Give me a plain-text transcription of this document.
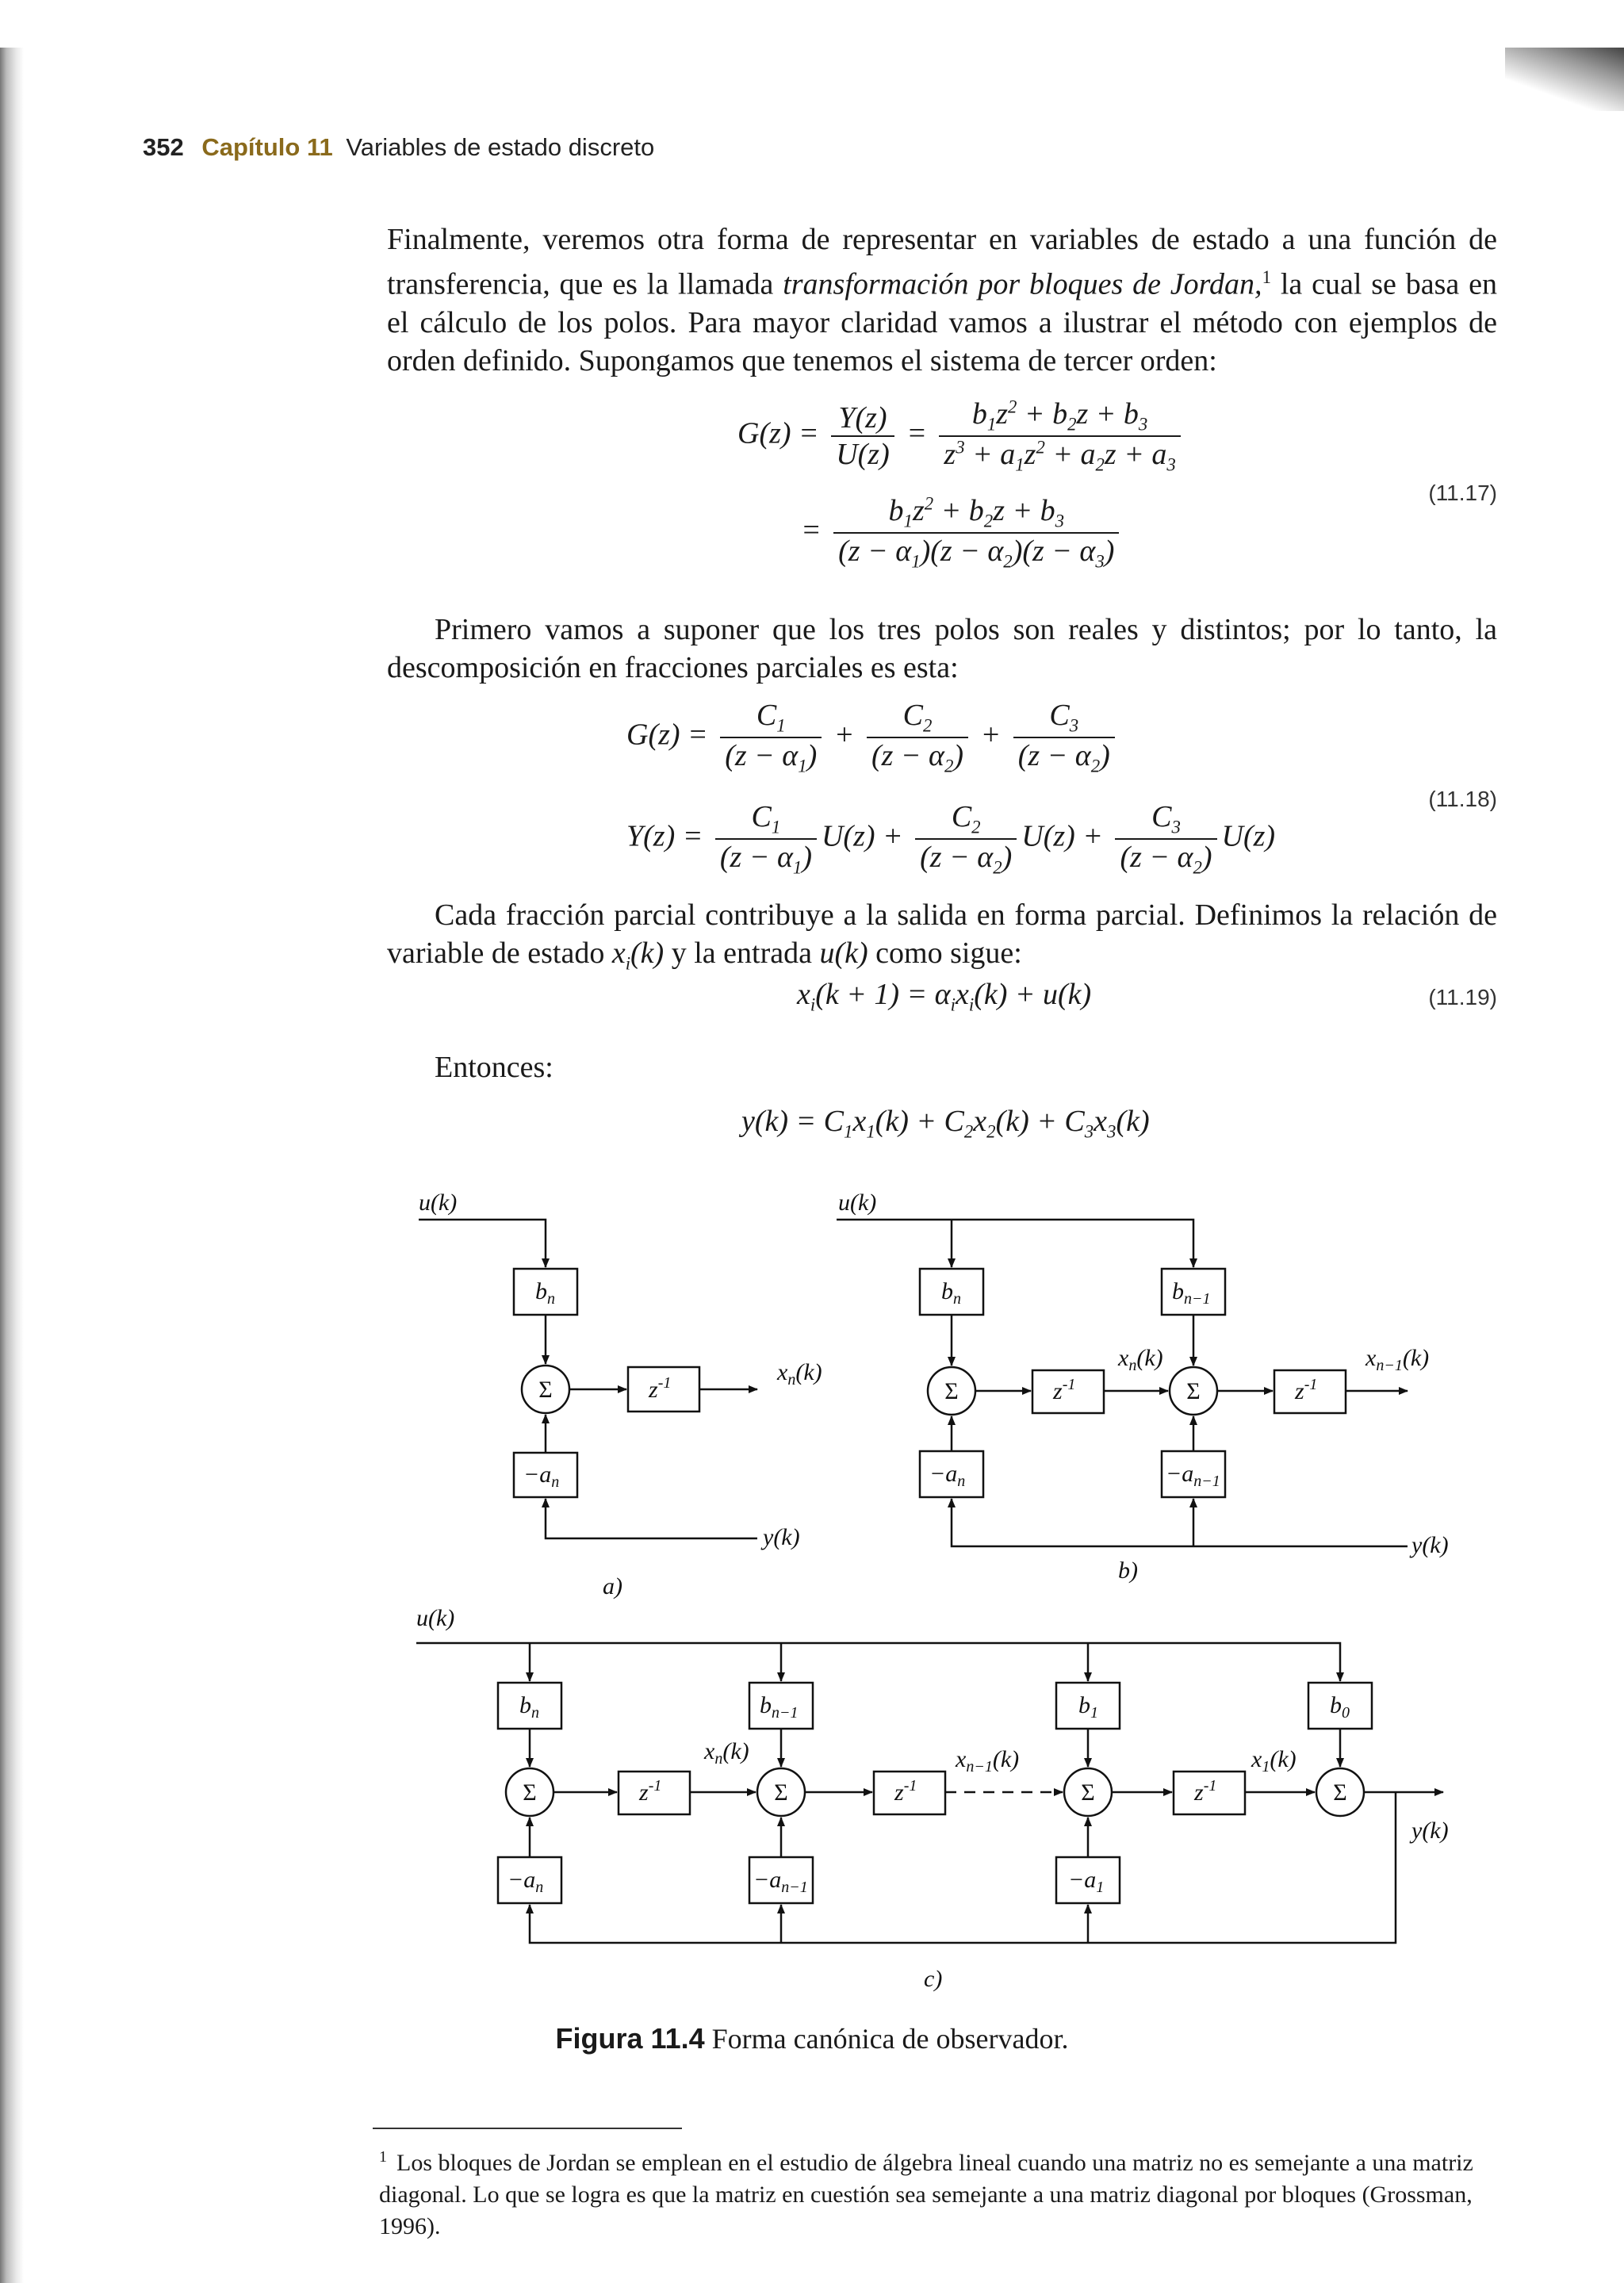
352 Capítulo 11 Variables de estado discreto
Finalmente, veremos otra forma de representar en variables de estado a una función de transferencia, que es la llamada transformación por bloques de Jordan,$^1$ la cual se basa en el cálculo de los polos. Para mayor claridad vamos a ilustrar el método con ejemplos de orden definido. Supongamos que tenemos el sistema de tercer orden:
$G(z) = \frac{Y(z)}{U(z)} = \frac{b_1z^2 + b_2z + b_3}{z^3 + a_1z^2 + a_2z + a_3}$
= $\frac{b_1z^2 + b_2z + b_3}{(z - \alpha_1)(z - \alpha_2)(z - \alpha_3)}$
(11.17)
Primero vamos a suponer que los tres polos son reales y distintos; por lo tanto, la descomposición en fracciones parciales es esta:
$G(z) = \frac{C_1}{(z - \alpha_1)} + \frac{C_2}{(z - \alpha_2)} + \frac{C_3}{(z - \alpha_2)}$
$Y(z) = \frac{C_1}{(z - \alpha_1)} U(z) + \frac{C_2}{(z - \alpha_2)} U(z) + \frac{C_3}{(z - \alpha_2)} U(z)$
(11.18)
Cada fracción parcial contribuye a la salida en forma parcial. Definimos la relación de variable de estado $x_i(k)$ y la entrada u(k) como sigue:
$x_i(k + 1) = \alpha_ix_i(k) + u(k)$	(11.19)
Entonces:
$y(k) = C_1x_1(k) + C_2x_2(k) + C_3x_3(k)$
u(k)
$b_n$
Σ	$z^{-1}$	$x_n(k)$
$-a_n$
y(k)
a)
u(k)
$b_n$	$b_{n-1}$
Σ	Σ
$z^{-1}$	$z^{-1}$
$x_n(k)$	$x_{n-1}(k)$
$-a_n$	$-a_{n-1}$
y(k)
b)
u(k)
$b_n$	$b_{n-1}$	$b_1$	$b_0$
Σ	Σ	Σ	Σ
$z^{-1}$	$z^{-1}$	$z^{-1}$
$x_n(k)$	$x_{n-1}(k)$	$x_1(k)$
$-a_n$	$-a_{n-1}$	$-a_1$
y(k)
c)
Figura 11.4 Forma canónica de observador.
$^1$ Los bloques de Jordan se emplean en el estudio de álgebra lineal cuando una matriz no es semejante a una matriz diagonal. Lo que se logra es que la matriz en cuestión sea semejante a una matriz diagonal por bloques (Grossman, 1996).
